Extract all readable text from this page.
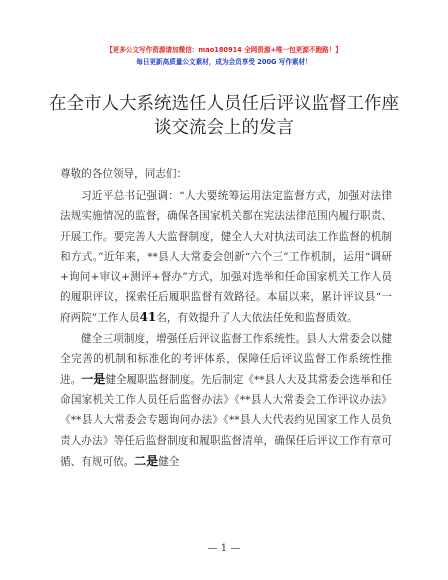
【更多公文写作资源请加微信：mao180914 全网资源+唯一包更源不跑路！】
每日更新高质量公文素材，成为会员享受 200G 写作素材！
在全市人大系统选任人员任后评议监督工作座
谈交流会上的发言

尊敬的各位领导，同志们：

习近平总书记强调：“人大要统筹运用法定监督方式，加强对法律法规实施情况的监督，确保各国家机关都在宪法法律范围内履行职责、开展工作。要完善人大监督制度，健全人大对执法司法工作监督的机制和方式。”近年来，**县人大常委会创新“六个三”工作机制，运用“调研+询问+审议+测评+督办”方式，加强对选举和任命国家机关工作人员的履职评议，探索任后履职监督有效路径。本届以来，累计评议县“一府两院”工作人员41名，有效提升了人大依法任免和监督质效。

健全三项制度，增强任后评议监督工作系统性。县人大常委会以健全完善的机制和标准化的考评体系，保障任后评议监督工作系统性推进。一是健全履职监督制度。先后制定《**县人大及其常委会选举和任命国家机关工作人员任后监督办法》《**县人大常委会工作评议办法》《**县人大常委会专题询问办法》《**县人大代表约见国家工作人员负责人办法》等任后监督制度和履职监督清单，确保任后评议工作有章可循、有规可依。二是健全

— 1 —
